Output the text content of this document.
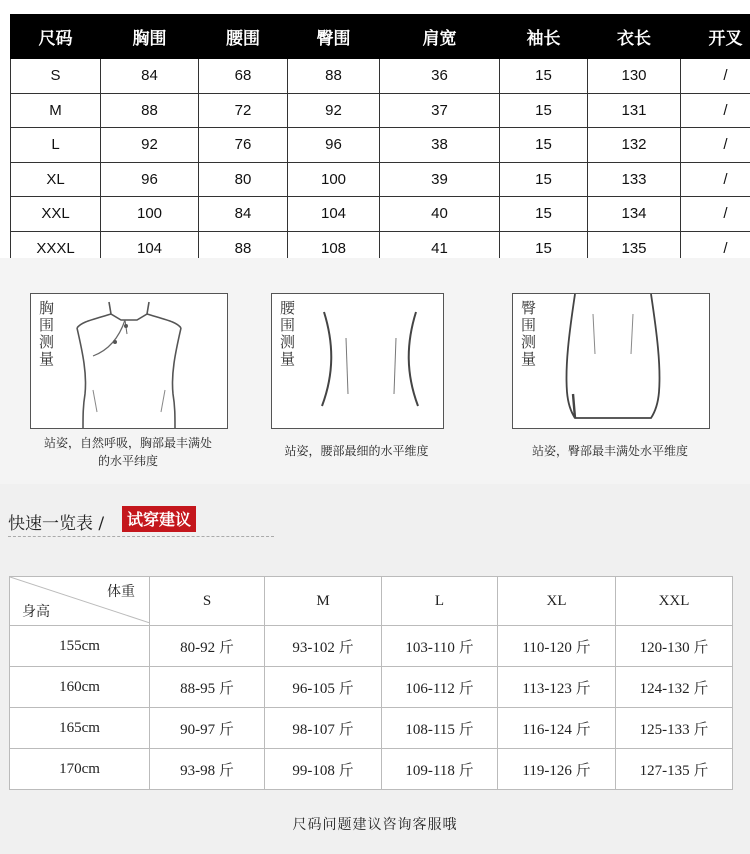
尺码	胸围	腰围	臀围	肩宽	袖长	衣长	开叉
S	84	68	88	36	15	130	/
M	88	72	92	37	15	131	/
L	92	76	96	38	15	132	/
XL	96	80	100	39	15	133	/
XXL	100	84	104	40	15	134	/
XXXL	104	88	108	41	15	135	/
胸围测量
站姿，自然呼吸，胸部最丰满处
的水平纬度
腰围测量
站姿，腰部最细的水平维度
臀围测量
站姿，臀部最丰满处水平维度
快速一览表 /	试穿建议
体重
身高	S	M	L	XL	XXL
155cm	80-92 斤	93-102 斤	103-110 斤	110-120 斤	120-130 斤
160cm	88-95 斤	96-105 斤	106-112 斤	113-123 斤	124-132 斤
165cm	90-97 斤	98-107 斤	108-115 斤	116-124 斤	125-133 斤
170cm	93-98 斤	99-108 斤	109-118 斤	119-126 斤	127-135 斤
尺码问题建议咨询客服哦
